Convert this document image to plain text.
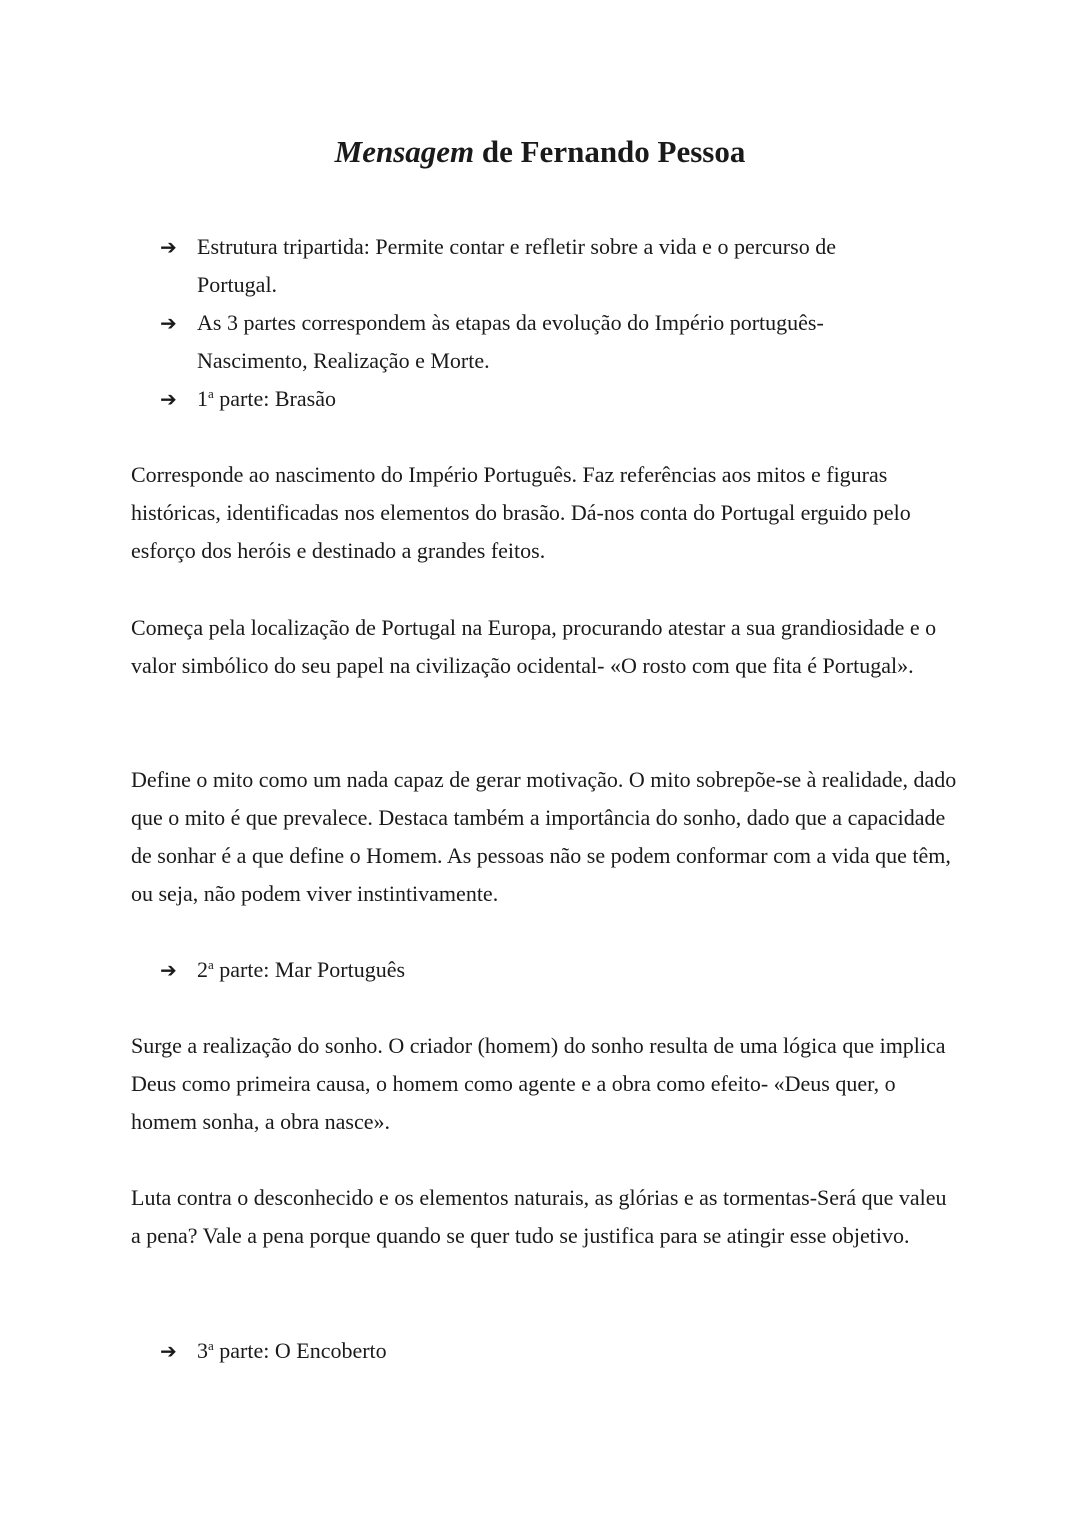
Mensagem de Fernando Pessoa
➔ Estrutura tripartida: Permite contar e refletir sobre a vida e o percurso de Portugal.
➔ As 3 partes correspondem às etapas da evolução do Império português- Nascimento, Realização e Morte.
➔ 1$^a$ parte: Brasão

Corresponde ao nascimento do Império Português. Faz referências aos mitos e figuras históricas, identificadas nos elementos do brasão. Dá-nos conta do Portugal erguido pelo esforço dos heróis e destinado a grandes feitos.

Começa pela localização de Portugal na Europa, procurando atestar a sua grandiosidade e o valor simbólico do seu papel na civilização ocidental- «O rosto com que fita é Portugal».

Define o mito como um nada capaz de gerar motivação. O mito sobrepõe-se à realidade, dado que o mito é que prevalece. Destaca também a importância do sonho, dado que a capacidade de sonhar é a que define o Homem. As pessoas não se podem conformar com a vida que têm, ou seja, não podem viver instintivamente.

➔ 2$^a$ parte: Mar Português

Surge a realização do sonho. O criador (homem) do sonho resulta de uma lógica que implica Deus como primeira causa, o homem como agente e a obra como efeito- «Deus quer, o homem sonha, a obra nasce».

Luta contra o desconhecido e os elementos naturais, as glórias e as tormentas-Será que valeu a pena? Vale a pena porque quando se quer tudo se justifica para se atingir esse objetivo.

➔ 3$^a$ parte: O Encoberto
